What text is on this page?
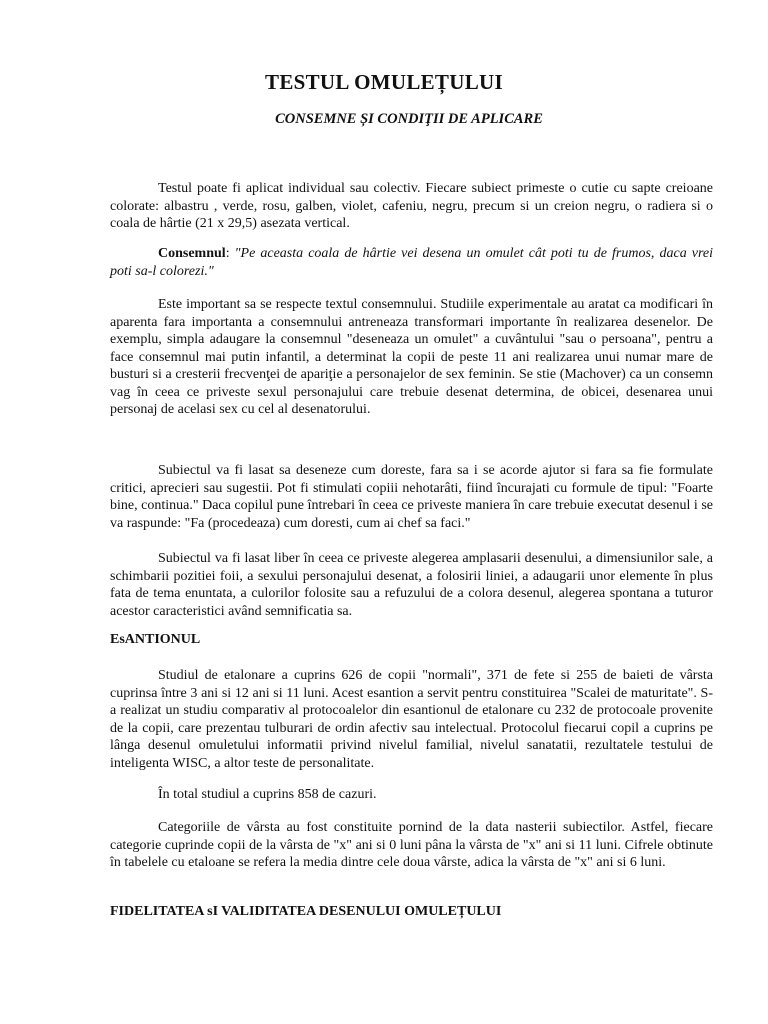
TESTUL OMULEȚULUI
CONSEMNE ȘI CONDIŢII DE APLICARE

Testul poate fi aplicat individual sau colectiv. Fiecare subiect primeste o cutie cu sapte creioane colorate: albastru , verde, rosu, galben, violet, cafeniu, negru, precum si un creion negru, o radiera si o coala de hârtie (21 x 29,5) asezata vertical.

Consemnul: "Pe aceasta coala de hârtie vei desena un omulet cât poti tu de frumos, daca vrei poti sa-l colorezi."

Este important sa se respecte textul consemnului. Studiile experimentale au aratat ca modificari în aparenta fara importanta a consemnului antreneaza transformari importante în realizarea desenelor. De exemplu, simpla adaugare la consemnul "deseneaza un omulet" a cuvântului "sau o persoana", pentru a face consemnul mai putin infantil, a determinat la copii de peste 11 ani realizarea unui numar mare de busturi si a cresterii frecvenţei de apariţie a personajelor de sex feminin. Se stie (Machover) ca un consemn vag în ceea ce priveste sexul personajului care trebuie desenat determina, de obicei, desenarea unui personaj de acelasi sex cu cel al desenatorului.

Subiectul va fi lasat sa deseneze cum doreste, fara sa i se acorde ajutor si fara sa fie formulate critici, aprecieri sau sugestii. Pot fi stimulati copiii nehotarâti, fiind încurajati cu formule de tipul: "Foarte bine, continua." Daca copilul pune întrebari în ceea ce priveste maniera în care trebuie executat desenul i se va raspunde: "Fa (procedeaza) cum doresti, cum ai chef sa faci."

Subiectul va fi lasat liber în ceea ce priveste alegerea amplasarii desenului, a dimensiunilor sale, a schimbarii pozitiei foii, a sexului personajului desenat, a folosirii liniei, a adaugarii unor elemente în plus fata de tema enuntata, a culorilor folosite sau a refuzului de a colora desenul, alegerea spontana a tuturor acestor caracteristici având semnificatia sa.

EsANTIONUL

Studiul de etalonare a cuprins 626 de copii "normali", 371 de fete si 255 de baieti de vârsta cuprinsa între 3 ani si 12 ani si 11 luni. Acest esantion a servit pentru constituirea "Scalei de maturitate". S-a realizat un studiu comparativ al protocoalelor din esantionul de etalonare cu 232 de protocoale provenite de la copii, care prezentau tulburari de ordin afectiv sau intelectual. Protocolul fiecarui copil a cuprins pe lânga desenul omuletului informatii privind nivelul familial, nivelul sanatatii, rezultatele testului de inteligenta WISC, a altor teste de personalitate.

În total studiul a cuprins 858 de cazuri.

Categoriile de vârsta au fost constituite pornind de la data nasterii subiectilor. Astfel, fiecare categorie cuprinde copii de la vârsta de "x" ani si 0 luni pâna la vârsta de "x" ani si 11 luni. Cifrele obtinute în tabelele cu etaloane se refera la media dintre cele doua vârste, adica la vârsta de "x" ani si 6 luni.

FIDELITATEA sI VALIDITATEA DESENULUI OMULEȚULUI
